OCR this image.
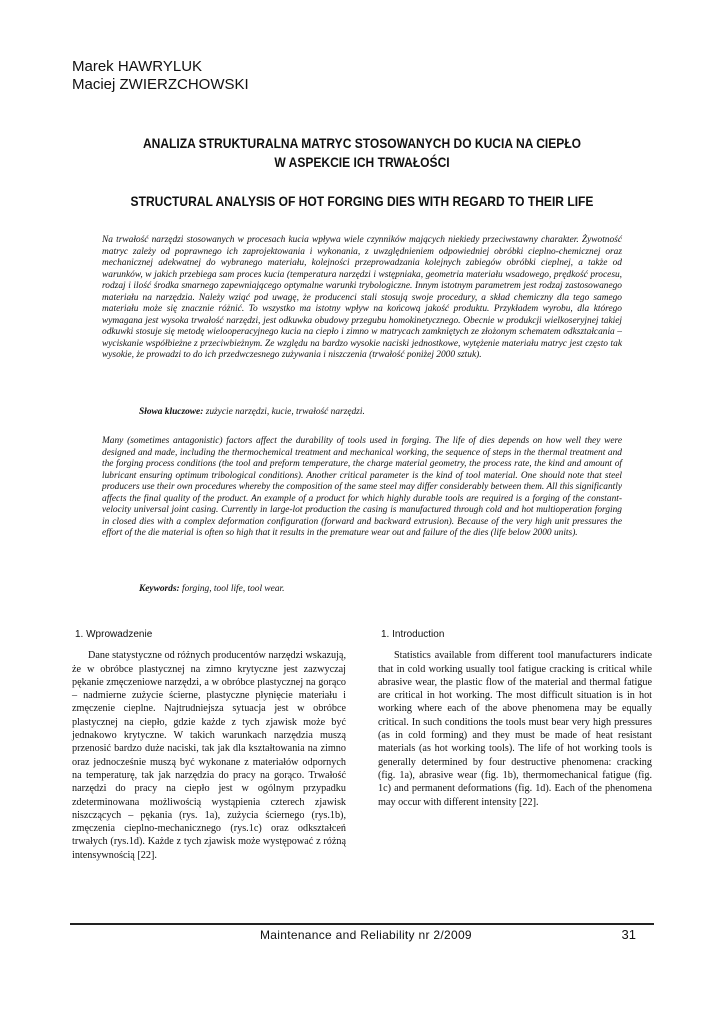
Marek HAWRYLUK
Maciej ZWIERZCHOWSKI
ANALIZA STRUKTURALNA MATRYC STOSOWANYCH DO KUCIA NA CIEPŁO
W ASPEKCIE ICH TRWAŁOŚCI
STRUCTURAL ANALYSIS OF HOT FORGING DIES WITH REGARD TO THEIR LIFE
Na trwałość narzędzi stosowanych w procesach kucia wpływa wiele czynników mających niekiedy przeciwstawny charakter. Żywotność matryc zależy od poprawnego ich zaprojektowania i wykonania, z uwzględnieniem odpowiedniej obróbki cieplno-chemicznej oraz mechanicznej adekwatnej do wybranego materiału, kolejności przeprowadzania kolejnych zabiegów obróbki cieplnej, a także od warunków, w jakich przebiega sam proces kucia (temperatura narzędzi i wstępniaka, geometria materiału wsadowego, prędkość procesu, rodzaj i ilość środka smarnego zapewniającego optymalne warunki trybologiczne. Innym istotnym parametrem jest rodzaj zastosowanego materiału na narzędzia. Należy wziąć pod uwagę, że producenci stali stosują swoje procedury, a skład chemiczny dla tego samego materiału może się znacznie różnić. To wszystko ma istotny wpływ na końcową jakość produktu. Przykładem wyrobu, dla którego wymagana jest wysoka trwałość narzędzi, jest odkuwka obudowy przegubu homokinetycznego. Obecnie w produkcji wielkoseryjnej takiej odkuwki stosuje się metodę wielooperacyjnego kucia na ciepło i zimno w matrycach zamkniętych ze złożonym schematem odkształcania – wyciskanie współbieżne z przeciwbieżnym. Ze względu na bardzo wysokie naciski jednostkowe, wytężenie materiału matryc jest często tak wysokie, że prowadzi to do ich przedwczesnego zużywania i niszczenia (trwałość poniżej 2000 sztuk).
Słowa kluczowe: zużycie narzędzi, kucie, trwałość narzędzi.
Many (sometimes antagonistic) factors affect the durability of tools used in forging. The life of dies depends on how well they were designed and made, including the thermochemical treatment and mechanical working, the sequence of steps in the thermal treatment and the forging process conditions (the tool and preform temperature, the charge material geometry, the process rate, the kind and amount of lubricant ensuring optimum tribological conditions). Another critical parameter is the kind of tool material. One should note that steel producers use their own procedures whereby the composition of the same steel may differ considerably between them. All this significantly affects the final quality of the product. An example of a product for which highly durable tools are required is a forging of the constant-velocity universal joint casing. Currently in large-lot production the casing is manufactured through cold and hot multioperation forging in closed dies with a complex deformation configuration (forward and backward extrusion). Because of the very high unit pressures the effort of the die material is often so high that it results in the premature wear out and failure of the dies (life below 2000 units).
Keywords: forging, tool life, tool wear.
1. Wprowadzenie

Dane statystyczne od różnych producentów narzędzi wskazują, że w obróbce plastycznej na zimno krytyczne jest zazwyczaj pękanie zmęczeniowe narzędzi, a w obróbce plastycznej na gorąco – nadmierne zużycie ścierne, plastyczne płynięcie materiału i zmęczenie cieplne. Najtrudniejsza sytuacja jest w obróbce plastycznej na ciepło, gdzie każde z tych zjawisk może być jednakowo krytyczne. W takich warunkach narzędzia muszą przenosić bardzo duże naciski, tak jak dla kształtowania na zimno oraz jednocześnie muszą być wykonane z materiałów odpornych na temperaturę, tak jak narzędzia do pracy na gorąco. Trwałość narzędzi do pracy na ciepło jest w ogólnym przypadku zdeterminowana możliwością wystąpienia czterech zjawisk niszczących – pękania (rys. 1a), zużycia ściernego (rys.1b), zmęczenia cieplno-mechanicznego (rys.1c) oraz odkształceń trwałych (rys.1d). Każde z tych zjawisk może występować z różną intensywnością [22].

1. Introduction

Statistics available from different tool manufacturers indicate that in cold working usually tool fatigue cracking is critical while abrasive wear, the plastic flow of the material and thermal fatigue are critical in hot working. The most difficult situation is in hot working where each of the above phenomena may be equally critical. In such conditions the tools must bear very high pressures (as in cold forming) and they must be made of heat resistant materials (as hot working tools). The life of hot working tools is generally determined by four destructive phenomena: cracking (fig. 1a), abrasive wear (fig. 1b), thermomechanical fatigue (fig. 1c) and permanent deformations (fig. 1d). Each of the phenomena may occur with different intensity [22].

Maintenance and Reliability nr 2/2009	31
